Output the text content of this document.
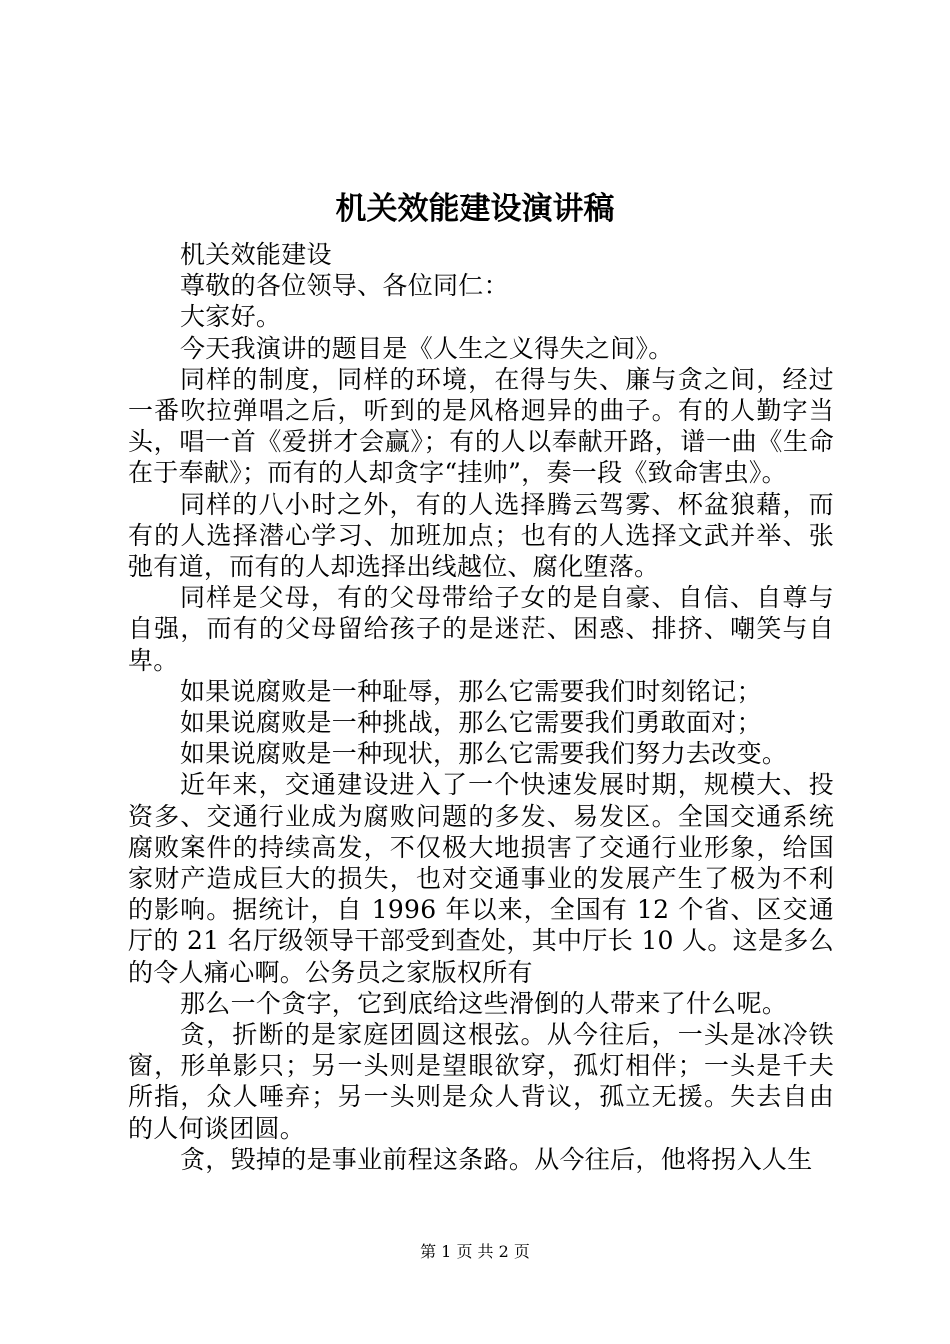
机关效能建设演讲稿

机关效能建设

尊敬的各位领导、各位同仁：

大家好。

今天我演讲的题目是《人生之义得失之间》。

同样的制度，同样的环境，在得与失、廉与贪之间，经过一番吹拉弹唱之后，听到的是风格迥异的曲子。有的人勤字当头，唱一首《爱拼才会赢》；有的人以奉献开路，谱一曲《生命在于奉献》；而有的人却贪字“挂帅”，奏一段《致命害虫》。

同样的八小时之外，有的人选择腾云驾雾、杯盆狼藉，而有的人选择潜心学习、加班加点；也有的人选择文武并举、张弛有道，而有的人却选择出线越位、腐化堕落。

同样是父母，有的父母带给子女的是自豪、自信、自尊与自强，而有的父母留给孩子的是迷茫、困惑、排挤、嘲笑与自卑。

如果说腐败是一种耻辱，那么它需要我们时刻铭记；

如果说腐败是一种挑战，那么它需要我们勇敢面对；

如果说腐败是一种现状，那么它需要我们努力去改变。

近年来，交通建设进入了一个快速发展时期，规模大、投资多、交通行业成为腐败问题的多发、易发区。全国交通系统腐败案件的持续高发，不仅极大地损害了交通行业形象，给国家财产造成巨大的损失，也对交通事业的发展产生了极为不利的影响。据统计，自 1996 年以来，全国有 12 个省、区交通厅的 21 名厅级领导干部受到查处，其中厅长 10 人。这是多么的令人痛心啊。公务员之家版权所有

那么一个贪字，它到底给这些滑倒的人带来了什么呢。

贪，折断的是家庭团圆这根弦。从今往后，一头是冰冷铁窗，形单影只；另一头则是望眼欲穿，孤灯相伴；一头是千夫所指，众人唾弃；另一头则是众人背议，孤立无援。失去自由的人何谈团圆。

贪，毁掉的是事业前程这条路。从今往后，他将拐入人生

第 1 页 共 2 页
